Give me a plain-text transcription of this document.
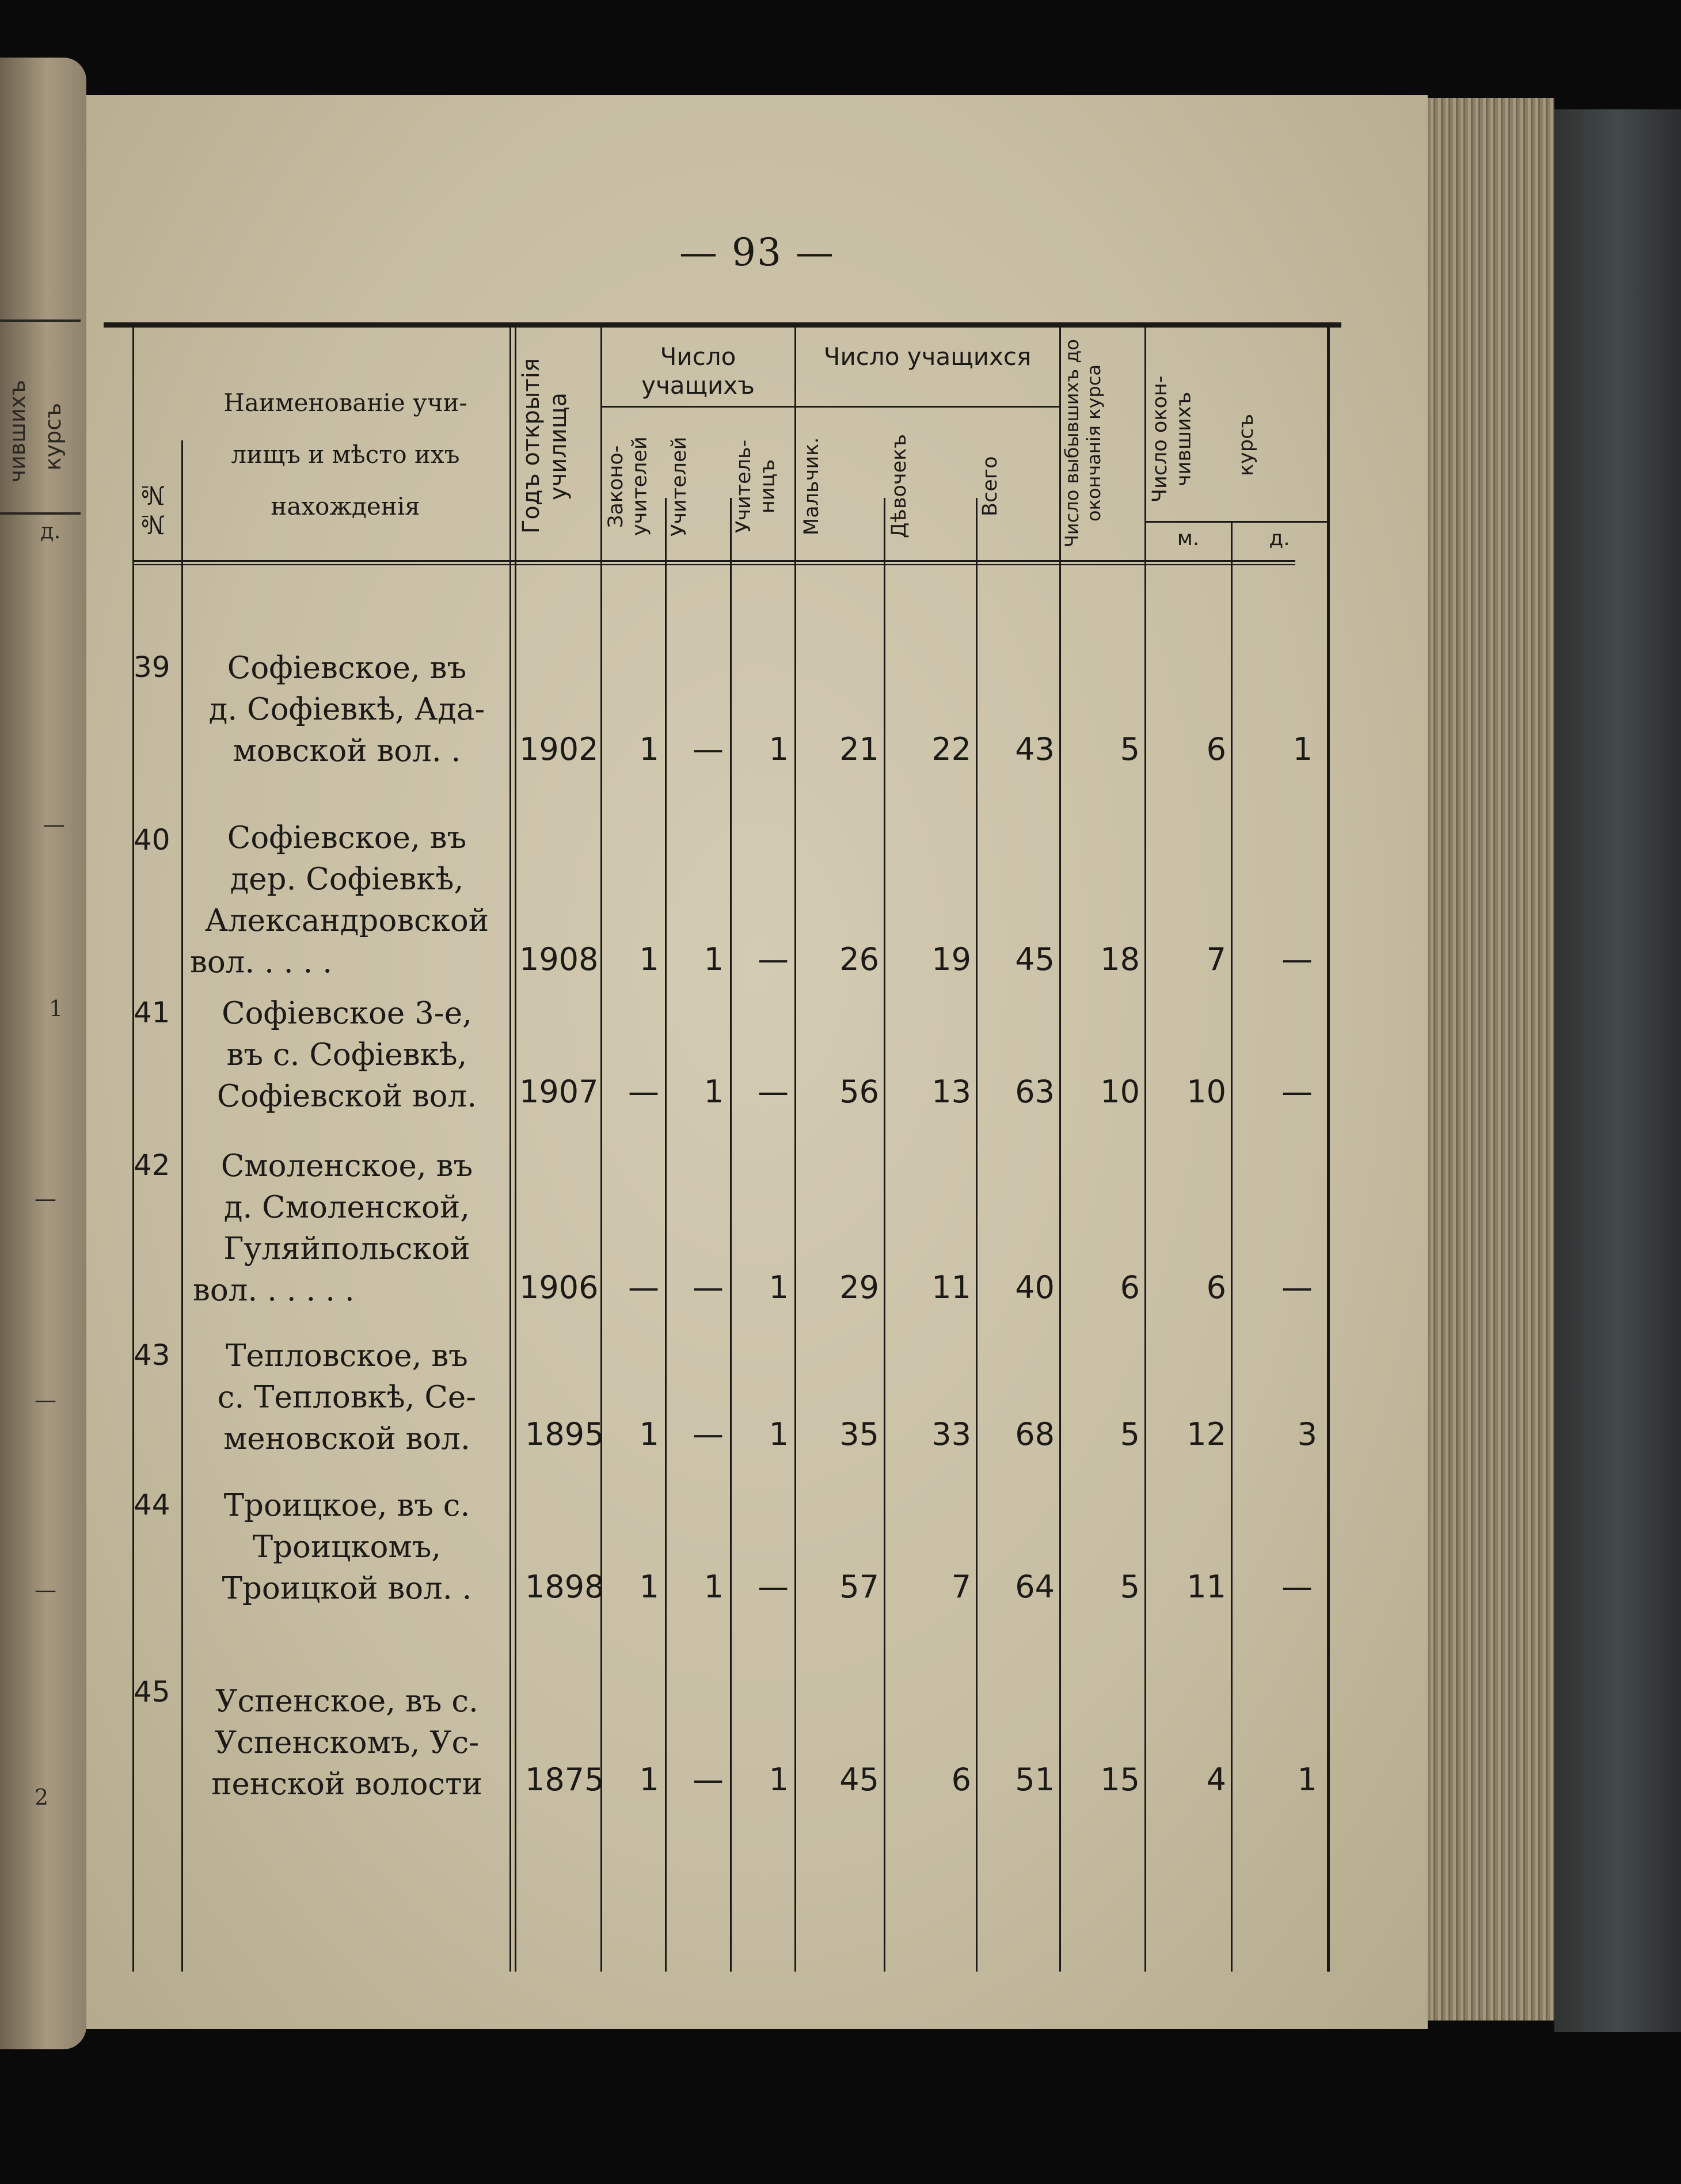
чившихъ курсъ
д.
—
1
—
—
—
2
— 93 —
№№
Наименованіе учи- лищъ и мѣсто ихъ нахожденія	Годъ открытія училища
Число учащихъ
Законо- учителей Учителей	Учитель- ницъ
Число учащихся
Мальчик.	Дѣвочекъ	Всего	Число выбывшихъ до окончанія курса	Число окон- чившихъ	курсъ
м.	д.
39	Софіевское, въ
д. Софіевкѣ, Ада-
мовской вол. .	1902	1	—	1	21	22	43	5	6	1
40	Софіевское, въ
дер. Софіевкѣ,
Александровской
вол. . . . .	1908	1	1	—	26	19	45	18	7	—
41	Софіевское 3-е,
въ с. Софіевкѣ,
Софіевской вол.	1907 —	1	—	56	13	63	10	10	—
42	Смоленское, въ
д. Смоленской,
Гуляйпольской
вол. . . . . .	1906 —	—	1	29	11	40	6	6	—
43	Тепловское, въ
с. Тепловкѣ, Се-
меновской вол.	1895	1	—	1	35	33	68	5	12	3
44	Троицкое, въ с.
Троицкомъ,
Троицкой вол. .	1898	1	1	—	57	7	64	5	11	—
45	Успенское, въ с.
Успенскомъ, Ус-
пенской волости	1875	1	—	1	45	6	51	15	4	1
